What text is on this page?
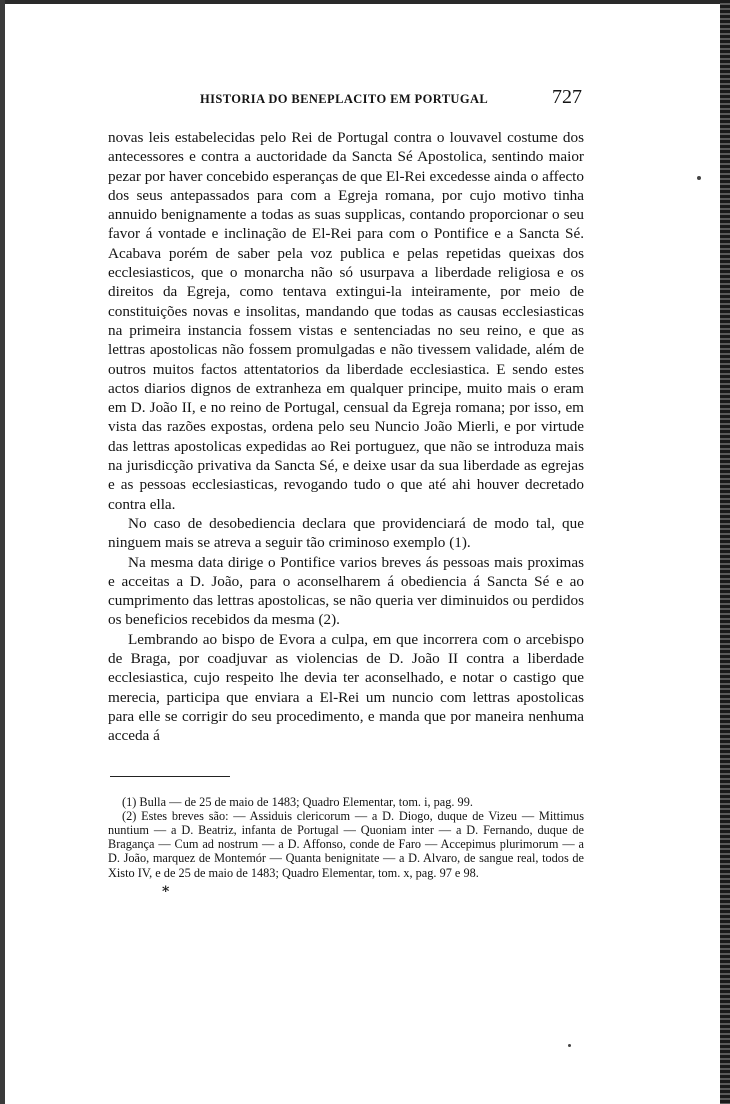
HISTORIA DO BENEPLACITO EM PORTUGAL	727

novas leis estabelecidas pelo Rei de Portugal contra o louvavel costume dos antecessores e contra a auctoridade da Sancta Sé Apostolica, sentindo maior pezar por haver concebido esperanças de que El-Rei excedesse ainda o affecto dos seus antepassados para com a Egreja romana, por cujo motivo tinha annuido benignamente a todas as suas supplicas, contando proporcionar o seu favor á vontade e inclinação de El-Rei para com o Pontifice e a Sancta Sé. Acabava porém de saber pela voz publica e pelas repetidas queixas dos ecclesiasticos, que o monarcha não só usurpava a liberdade religiosa e os direitos da Egreja, como tentava extingui-la inteiramente, por meio de constituições novas e insolitas, mandando que todas as causas ecclesiasticas na primeira instancia fossem vistas e sentenciadas no seu reino, e que as lettras apostolicas não fossem promulgadas e não tivessem validade, além de outros muitos factos attentatorios da liberdade ecclesiastica. E sendo estes actos diarios dignos de extranheza em qualquer principe, muito mais o eram em D. João II, e no reino de Portugal, censual da Egreja romana; por isso, em vista das razões expostas, ordena pelo seu Nuncio João Mierli, e por virtude das lettras apostolicas expedidas ao Rei portuguez, que não se introduza mais na jurisdicção privativa da Sancta Sé, e deixe usar da sua liberdade as egrejas e as pessoas ecclesiasticas, revogando tudo o que até ahi houver decretado contra ella.

No caso de desobediencia declara que providenciará de modo tal, que ninguem mais se atreva a seguir tão criminoso exemplo (1).

Na mesma data dirige o Pontifice varios breves ás pessoas mais proximas e acceitas a D. João, para o aconselharem á obediencia á Sancta Sé e ao cumprimento das lettras apostolicas, se não queria ver diminuidos ou perdidos os beneficios recebidos da mesma (2).

Lembrando ao bispo de Evora a culpa, em que incorrera com o arcebispo de Braga, por coadjuvar as violencias de D. João II contra a liberdade ecclesiastica, cujo respeito lhe devia ter aconselhado, e notar o castigo que merecia, participa que enviara a El-Rei um nuncio com lettras apostolicas para elle se corrigir do seu procedimento, e manda que por maneira nenhuma acceda á

(1) Bulla — de 25 de maio de 1483; Quadro Elementar, tom. i, pag. 99.

(2) Estes breves são: — Assiduis clericorum — a D. Diogo, duque de Vizeu — Mittimus nuntium — a D. Beatriz, infanta de Portugal — Quoniam inter — a D. Fernando, duque de Bragança — Cum ad nostrum — a D. Affonso, conde de Faro — Accepimus plurimorum — a D. João, marquez de Montemór — Quanta benignitate — a D. Alvaro, de sangue real, todos de Xisto IV, e de 25 de maio de 1483; Quadro Elementar, tom. x, pag. 97 e 98.

*
